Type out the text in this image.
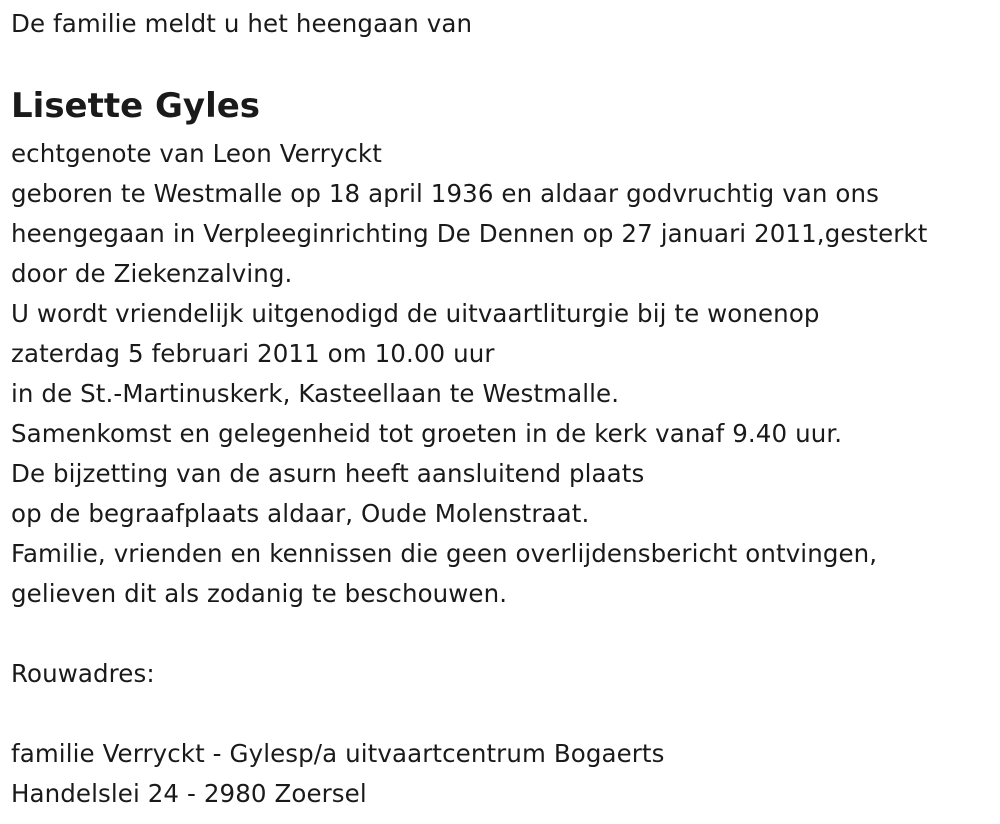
De familie meldt u het heengaan van
Lisette Gyles
echtgenote van Leon Verryckt
geboren te Westmalle op 18 april 1936 en aldaar godvruchtig van ons
heengegaan in Verpleeginrichting De Dennen op 27 januari 2011,gesterkt
door de Ziekenzalving.
U wordt vriendelijk uitgenodigd de uitvaartliturgie bij te wonenop
zaterdag 5 februari 2011 om 10.00 uur
in de St.-Martinuskerk, Kasteellaan te Westmalle.
Samenkomst en gelegenheid tot groeten in de kerk vanaf 9.40 uur.
De bijzetting van de asurn heeft aansluitend plaats
op de begraafplaats aldaar, Oude Molenstraat.
Familie, vrienden en kennissen die geen overlijdensbericht ontvingen,
gelieven dit als zodanig te beschouwen.
Rouwadres:
familie Verryckt - Gylesp/a uitvaartcentrum Bogaerts
Handelslei 24 - 2980 Zoersel
